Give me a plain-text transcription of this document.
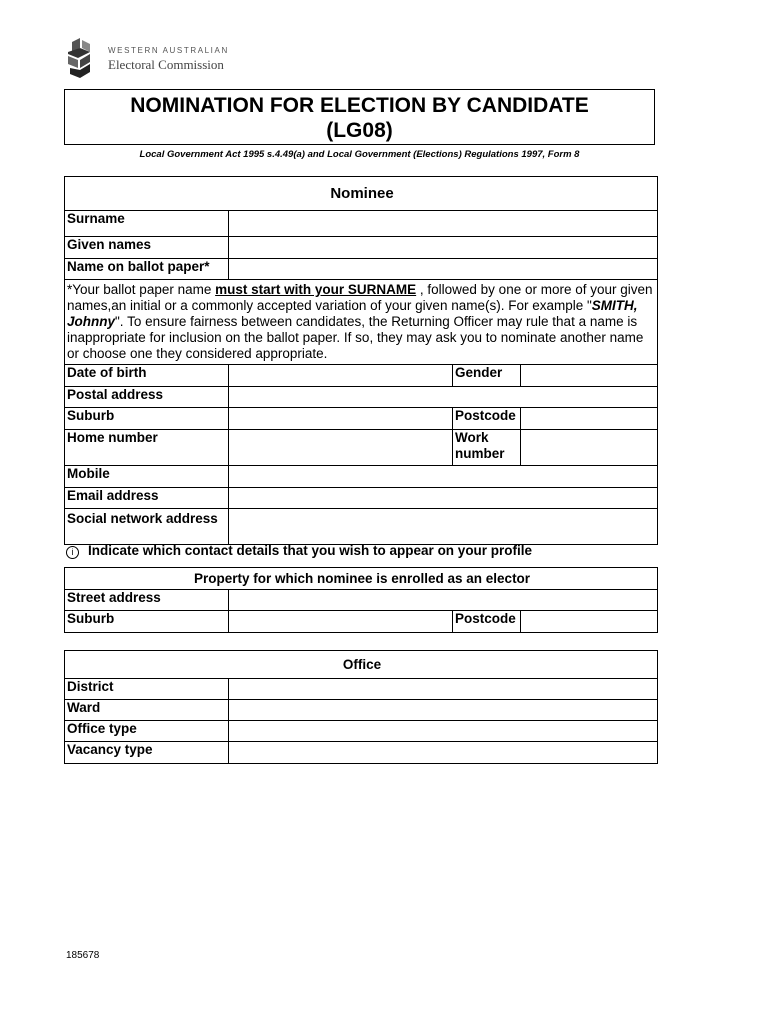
WESTERN AUSTRALIAN
Electoral Commission
NOMINATION FOR ELECTION BY CANDIDATE
(LG08)
Local Government Act 1995 s.4.49(a) and Local Government (Elections) Regulations 1997, Form 8
Nominee			
Surname			
Given names			
Name on ballot paper*			
*Your ballot paper name must start with your SURNAME , followed by one or more of your given names,an initial or a commonly accepted variation of your given name(s). For example "SMITH, Johnny". To ensure fairness between candidates, the Returning Officer may rule that a name is inappropriate for inclusion on the ballot paper. If so, they may ask you to nominate another name or choose one they considered appropriate.			
Date of birth		Gender	
Postal address			
Suburb		Postcode	
Home number		Work number	
Mobile			
Email address			
Social network address			
i Indicate which contact details that you wish to appear on your profile
Property for which nominee is enrolled as an elector			
Street address			
Suburb		Postcode	
Office	
District	
Ward	
Office type	
Vacancy type	
185678
